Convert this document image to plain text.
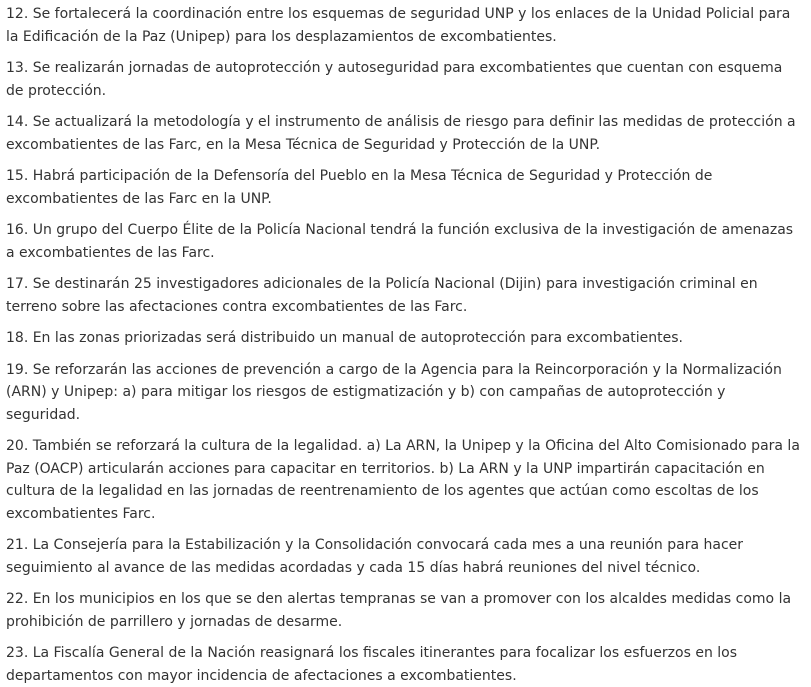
12. Se fortalecerá la coordinación entre los esquemas de seguridad UNP y los enlaces de la Unidad Policial para la Edificación de la Paz (Unipep) para los desplazamientos de excombatientes.

13. Se realizarán jornadas de autoprotección y autoseguridad para excombatientes que cuentan con esquema de protección.

14. Se actualizará la metodología y el instrumento de análisis de riesgo para definir las medidas de protección a excombatientes de las Farc, en la Mesa Técnica de Seguridad y Protección de la UNP.

15. Habrá participación de la Defensoría del Pueblo en la Mesa Técnica de Seguridad y Protección de excombatientes de las Farc en la UNP.

16. Un grupo del Cuerpo Élite de la Policía Nacional tendrá la función exclusiva de la investigación de amenazas a excombatientes de las Farc.

17. Se destinarán 25 investigadores adicionales de la Policía Nacional (Dijin) para investigación criminal en terreno sobre las afectaciones contra excombatientes de las Farc.

18. En las zonas priorizadas será distribuido un manual de autoprotección para excombatientes.

19. Se reforzarán las acciones de prevención a cargo de la Agencia para la Reincorporación y la Normalización (ARN) y Unipep: a) para mitigar los riesgos de estigmatización y b) con campañas de autoprotección y seguridad.

20. También se reforzará la cultura de la legalidad. a) La ARN, la Unipep y la Oficina del Alto Comisionado para la Paz (OACP) articularán acciones para capacitar en territorios. b) La ARN y la UNP impartirán capacitación en cultura de la legalidad en las jornadas de reentrenamiento de los agentes que actúan como escoltas de los excombatientes Farc.

21. La Consejería para la Estabilización y la Consolidación convocará cada mes a una reunión para hacer seguimiento al avance de las medidas acordadas y cada 15 días habrá reuniones del nivel técnico.

22. En los municipios en los que se den alertas tempranas se van a promover con los alcaldes medidas como la prohibición de parrillero y jornadas de desarme.

23. La Fiscalía General de la Nación reasignará los fiscales itinerantes para focalizar los esfuerzos en los departamentos con mayor incidencia de afectaciones a excombatientes.
